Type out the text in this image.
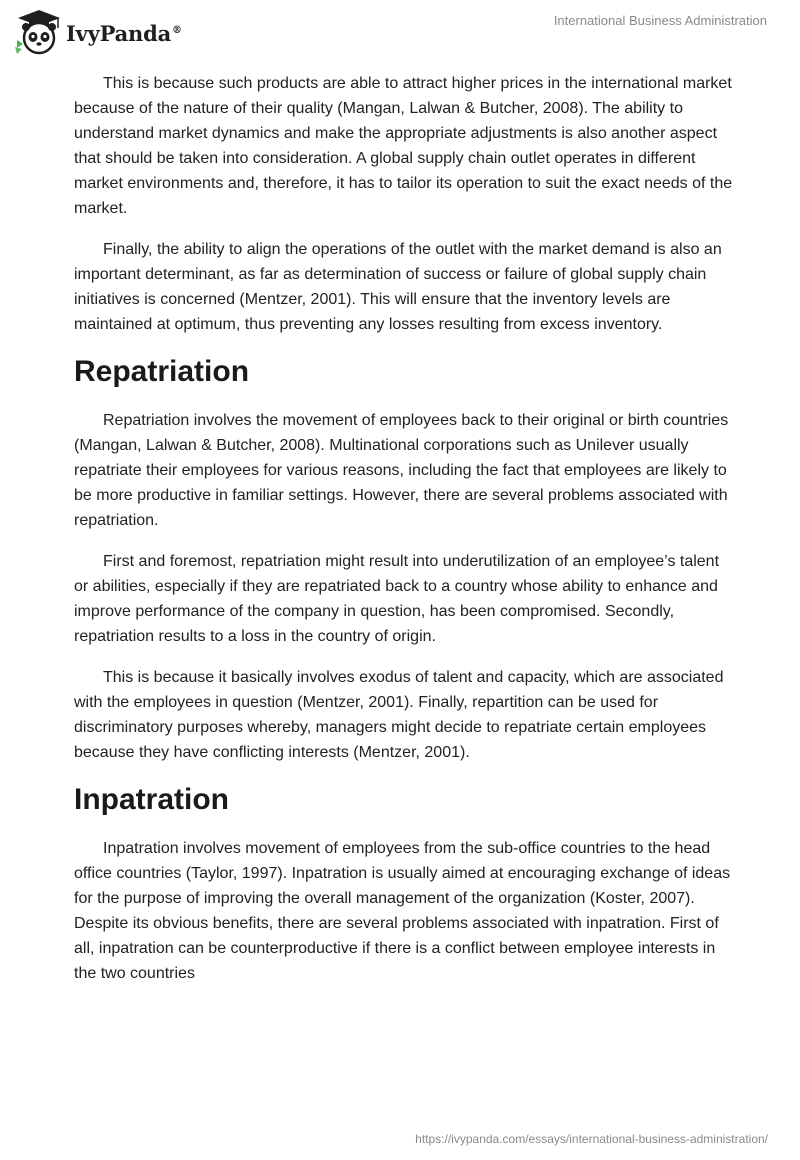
IvyPanda®
International Business Administration

This is because such products are able to attract higher prices in the international market because of the nature of their quality (Mangan, Lalwan & Butcher, 2008). The ability to understand market dynamics and make the appropriate adjustments is also another aspect that should be taken into consideration. A global supply chain outlet operates in different market environments and, therefore, it has to tailor its operation to suit the exact needs of the market.

Finally, the ability to align the operations of the outlet with the market demand is also an important determinant, as far as determination of success or failure of global supply chain initiatives is concerned (Mentzer, 2001). This will ensure that the inventory levels are maintained at optimum, thus preventing any losses resulting from excess inventory.

Repatriation

Repatriation involves the movement of employees back to their original or birth countries (Mangan, Lalwan & Butcher, 2008). Multinational corporations such as Unilever usually repatriate their employees for various reasons, including the fact that employees are likely to be more productive in familiar settings. However, there are several problems associated with repatriation.

First and foremost, repatriation might result into underutilization of an employee’s talent or abilities, especially if they are repatriated back to a country whose ability to enhance and improve performance of the company in question, has been compromised. Secondly, repatriation results to a loss in the country of origin.

This is because it basically involves exodus of talent and capacity, which are associated with the employees in question (Mentzer, 2001). Finally, repartition can be used for discriminatory purposes whereby, managers might decide to repatriate certain employees because they have conflicting interests (Mentzer, 2001).

Inpatration

Inpatration involves movement of employees from the sub-office countries to the head office countries (Taylor, 1997). Inpatration is usually aimed at encouraging exchange of ideas for the purpose of improving the overall management of the organization (Koster, 2007). Despite its obvious benefits, there are several problems associated with inpatration. First of all, inpatration can be counterproductive if there is a conflict between employee interests in the two countries

https://ivypanda.com/essays/international-business-administration/
